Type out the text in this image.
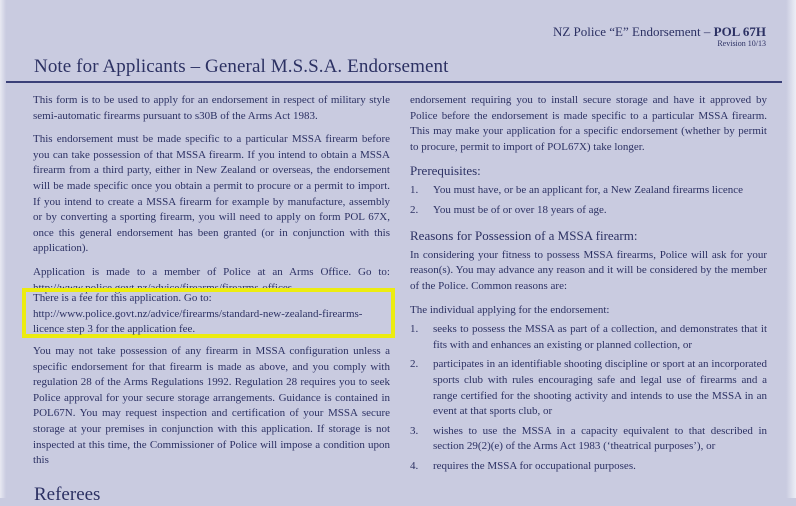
NZ Police “E” Endorsement – POL 67H
Revision 10/13
Note for Applicants – General M.S.S.A. Endorsement

This form is to be used to apply for an endorsement in respect of military style semi-automatic firearms pursuant to s30B of the Arms Act 1983.

This endorsement must be made specific to a particular MSSA firearm before you can take possession of that MSSA firearm. If you intend to obtain a MSSA firearm from a third party, either in New Zealand or overseas, the endorsement will be made specific once you obtain a permit to procure or a permit to import. If you intend to create a MSSA firearm for example by manufacture, assembly or by converting a sporting firearm, you will need to apply on form POL 67X, once this general endorsement has been granted (or in conjunction with this application).

Application is made to a member of Police at an Arms Office. Go to: http://www.police.govt.nz/advice/firearms/firearms-offices

There is a fee for this application. Go to: http://www.police.govt.nz/advice/firearms/standard-new-zealand-firearms-licence step 3 for the application fee.
You may not take possession of any firearm in MSSA configuration unless a specific endorsement for that firearm is made as above, and you comply with regulation 28 of the Arms Regulations 1992. Regulation 28 requires you to seek Police approval for your secure storage arrangements. Guidance is contained in POL67N. You may request inspection and certification of your MSSA secure storage at your premises in conjunction with this application. If storage is not inspected at this time, the Commissioner of Police will impose a condition upon this

endorsement requiring you to install secure storage and have it approved by Police before the endorsement is made specific to a particular MSSA firearm. This may make your application for a specific endorsement (whether by permit to procure, permit to import of POL67X) take longer.

Prerequisites:
1.	You must have, or be an applicant for, a New Zealand firearms licence
2.	You must be of or over 18 years of age.
Reasons for Possession of a MSSA firearm:

In considering your fitness to possess MSSA firearms, Police will ask for your reason(s). You may advance any reason and it will be considered by the member of the Police. Common reasons are:

The individual applying for the endorsement:

1.	seeks to possess the MSSA as part of a collection, and demonstrates that it fits with and enhances an existing or planned collection, or
2.	participates in an identifiable shooting discipline or sport at an incorporated sports club with rules encouraging safe and legal use of firearms and a range certified for the shooting activity and intends to use the MSSA in an event at that sports club, or
3.	wishes to use the MSSA in a capacity equivalent to that described in section 29(2)(e) of the Arms Act 1983 (‘theatrical purposes’), or
4.	requires the MSSA for occupational purposes.
Referees
